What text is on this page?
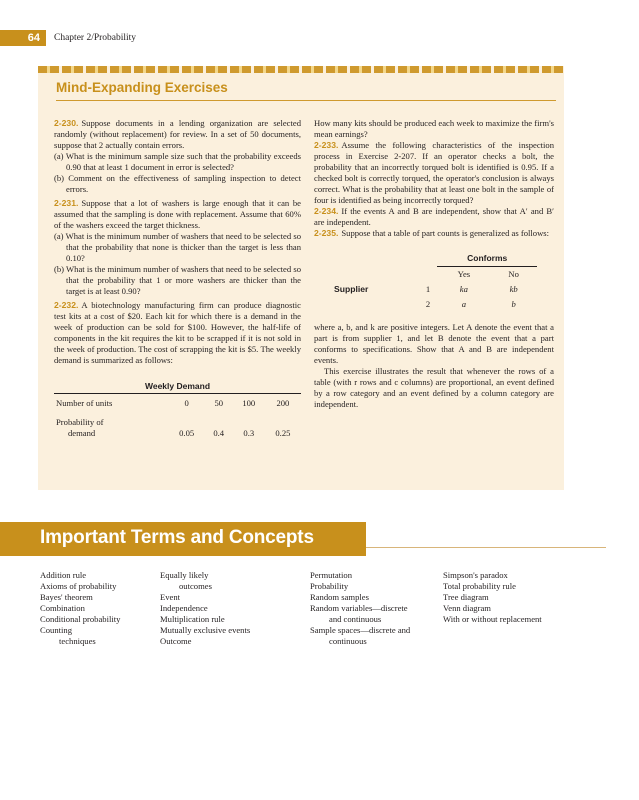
64	Chapter 2/Probability
Mind-Expanding Exercises

2-230. Suppose documents in a lending organization are selected randomly (without replacement) for review. In a set of 50 documents, suppose that 2 actually contain errors.

(a) What is the minimum sample size such that the probability exceeds 0.90 that at least 1 document in error is selected?

(b) Comment on the effectiveness of sampling inspection to detect errors.

2-231. Suppose that a lot of washers is large enough that it can be assumed that the sampling is done with replacement. Assume that 60% of the washers exceed the target thickness.

(a) What is the minimum number of washers that need to be selected so that the probability that none is thicker than the target is less than 0.10?

(b) What is the minimum number of washers that need to be selected so that the probability that 1 or more washers are thicker than the target is at least 0.90?

2-232. A biotechnology manufacturing firm can produce diagnostic test kits at a cost of $20. Each kit for which there is a demand in the week of production can be sold for $100. However, the half-life of components in the kit requires the kit to be scrapped if it is not sold in the week of production. The cost of scrapping the kit is $5. The weekly demand is summarized as follows:

Weekly Demand				

Number of units	0	50	100	200

Probability of
demand	0.05	0.4	0.3	0.25

How many kits should be produced each week to maximize the firm's mean earnings?

2-233. Assume the following characteristics of the inspection process in Exercise 2-207. If an operator checks a bolt, the probability that an incorrectly torqued bolt is identified is 0.95. If a checked bolt is correctly torqued, the operator's conclusion is always correct. What is the probability that at least one bolt in the sample of four is identified as being incorrectly torqued?

2-234. If the events A and B are independent, show that A′ and B′ are independent.

2-235. Suppose that a table of part counts is generalized as follows:

		Conforms	
		Yes	No
Supplier	1	ka	kb
	2	a	b

where a, b, and k are positive integers. Let A denote the event that a part is from supplier 1, and let B denote the event that a part conforms to specifications. Show that A and B are independent events.

This exercise illustrates the result that whenever the rows of a table (with r rows and c columns) are proportional, an event defined by a row category and an event defined by a column category are independent.

Important Terms and Concepts
Addition rule
Axioms of probability
Bayes' theorem
Combination
Conditional probability
Counting
techniques
Equally likely
outcomes
Event
Independence
Multiplication rule
Mutually exclusive events
Outcome
Permutation
Probability
Random samples
Random variables—discrete
and continuous
Sample spaces—discrete and
continuous
Simpson's paradox
Total probability rule
Tree diagram
Venn diagram
With or without replacement
